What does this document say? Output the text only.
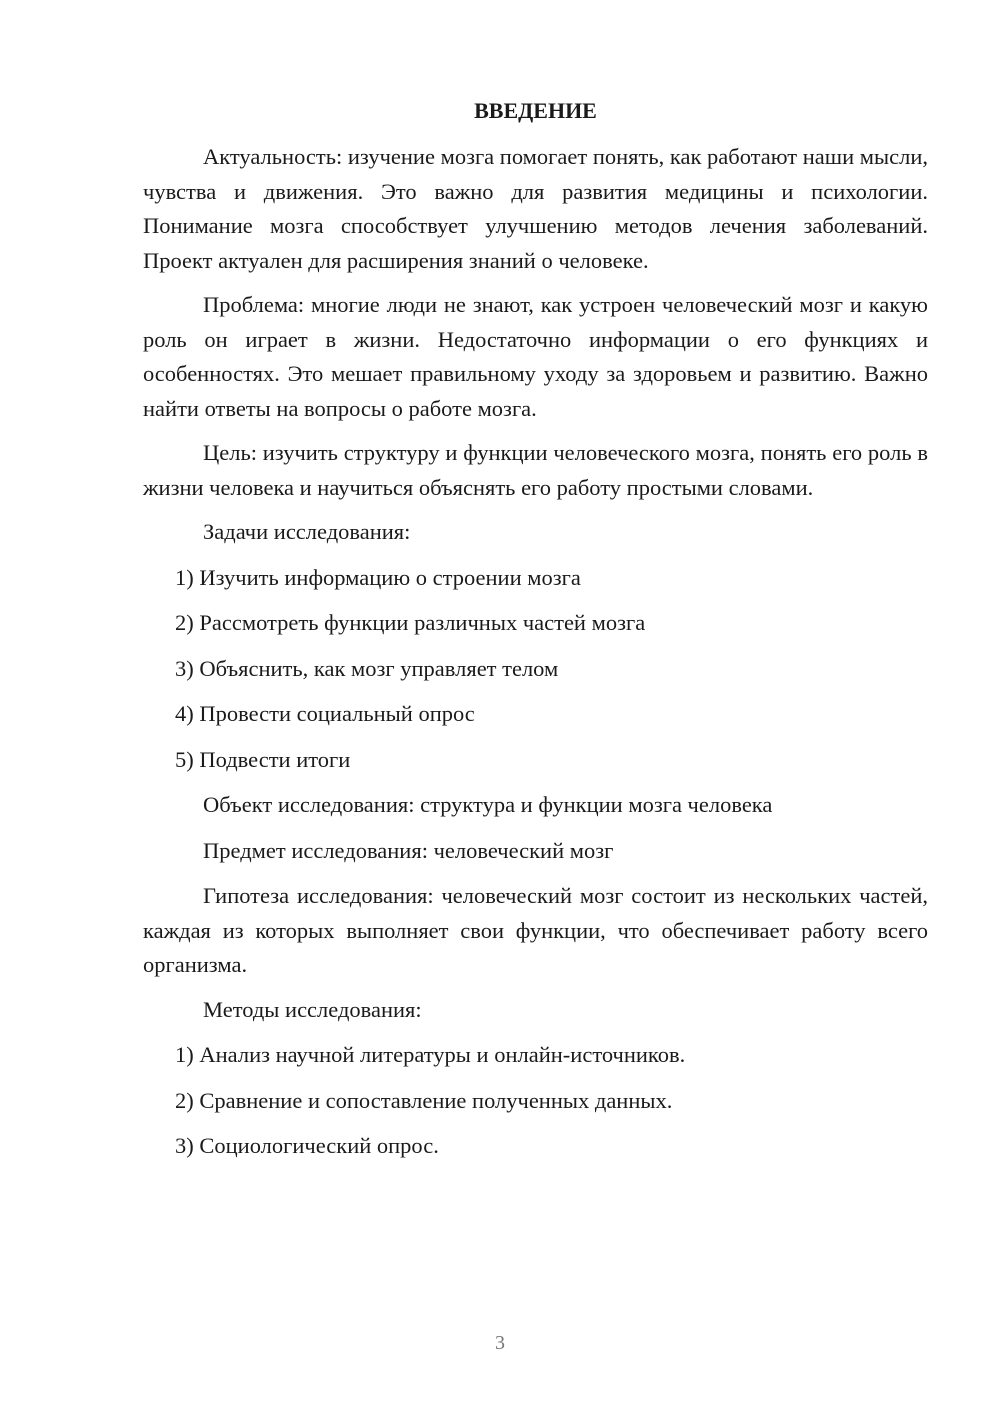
ВВЕДЕНИЕ
Актуальность: изучение мозга помогает понять, как работают наши мысли, чувства и движения. Это важно для развития медицины и психологии. Понимание мозга способствует улучшению методов лечения заболеваний. Проект актуален для расширения знаний о человеке.
Проблема: многие люди не знают, как устроен человеческий мозг и какую роль он играет в жизни. Недостаточно информации о его функциях и особенностях. Это мешает правильному уходу за здоровьем и развитию. Важно найти ответы на вопросы о работе мозга.
Цель: изучить структуру и функции человеческого мозга, понять его роль в жизни человека и научиться объяснять его работу простыми словами.
Задачи исследования:
1) Изучить информацию о строении мозга
2) Рассмотреть функции различных частей мозга
3) Объяснить, как мозг управляет телом
4) Провести социальный опрос
5) Подвести итоги
Объект исследования: структура и функции мозга человека
Предмет исследования: человеческий мозг
Гипотеза исследования: человеческий мозг состоит из нескольких частей, каждая из которых выполняет свои функции, что обеспечивает работу всего организма.
Методы исследования:
1) Анализ научной литературы и онлайн-источников.
2) Сравнение и сопоставление полученных данных.
3) Социологический опрос.
3
